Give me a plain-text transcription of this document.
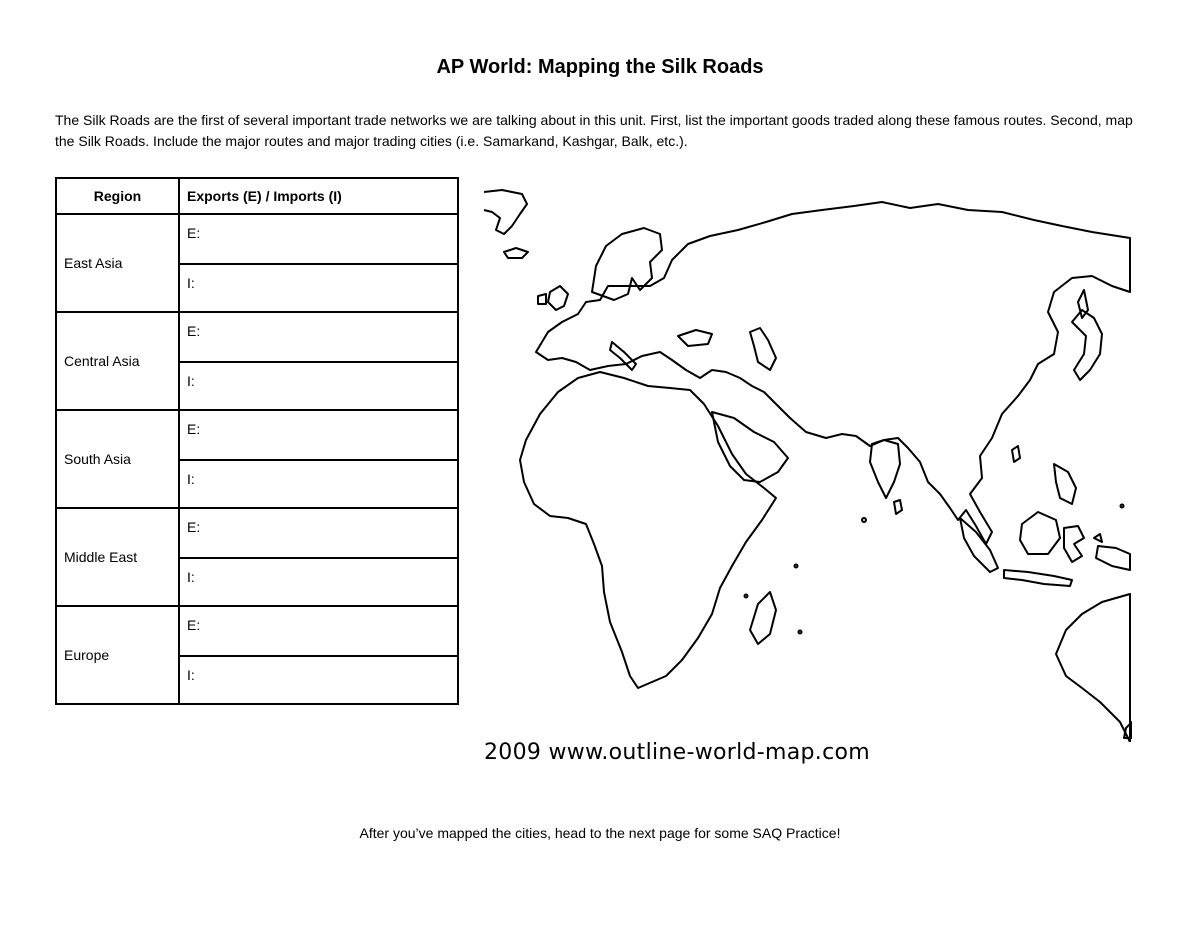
AP World: Mapping the Silk Roads
The Silk Roads are the first of several important trade networks we are talking about in this unit. First, list the important goods traded along these famous routes. Second, map the Silk Roads. Include the major routes and major trading cities (i.e. Samarkand, Kashgar, Balk, etc.).
Region	Exports (E) / Imports (I)
East Asia	E:
	I:
Central Asia	E:
	I:
South Asia	E:
	I:
Middle East	E:
	I:
Europe	E:
	I:
2009 www.outline-world-map.com
After you’ve mapped the cities, head to the next page for some SAQ Practice!
